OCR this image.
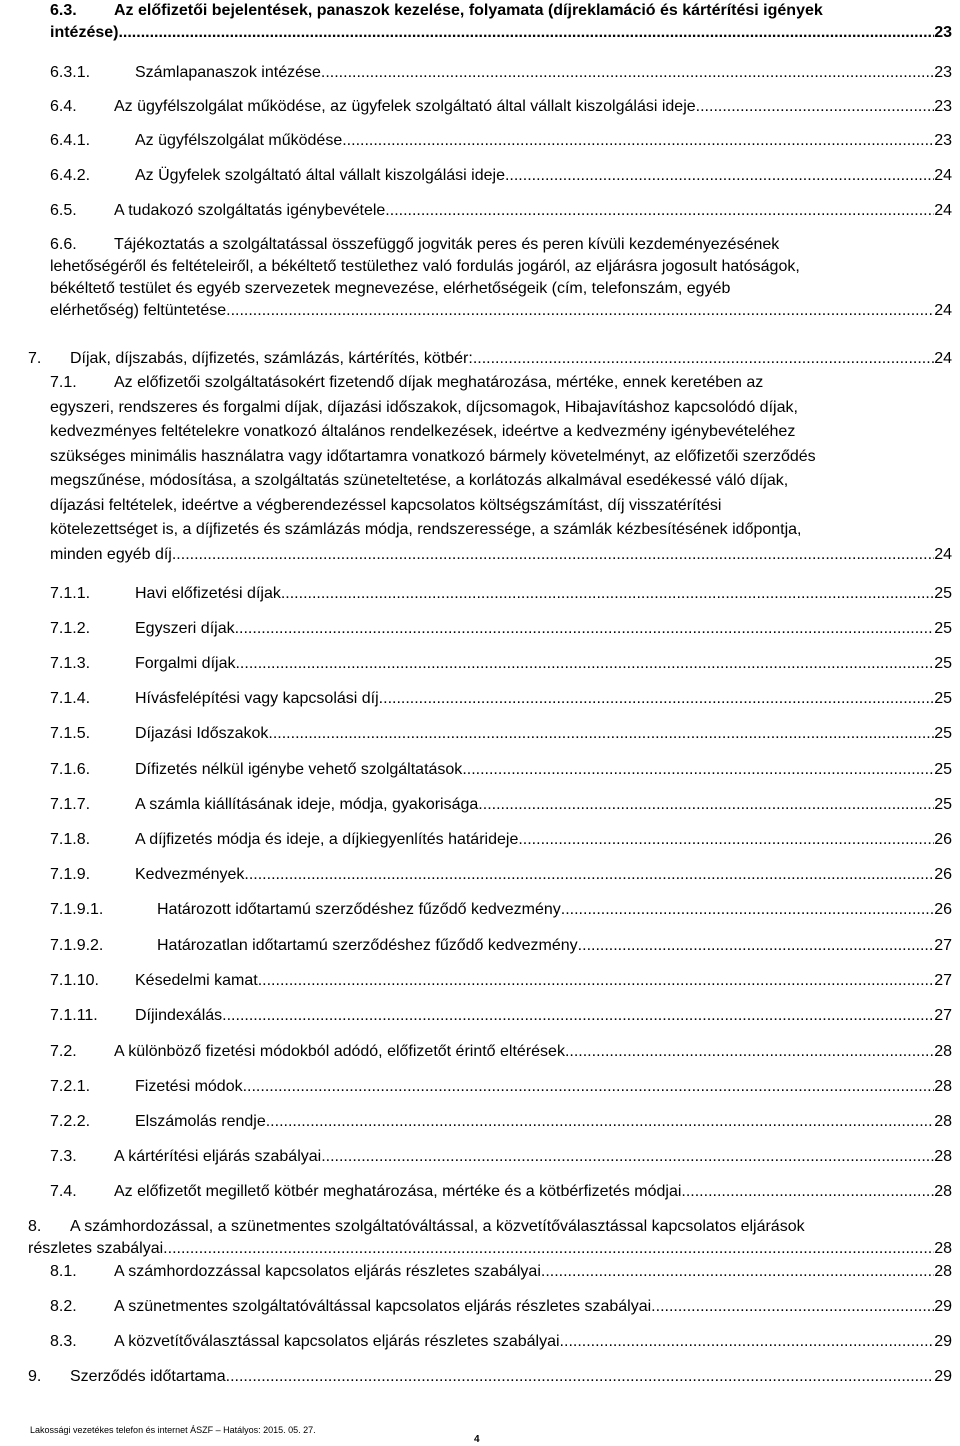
6.3. Az előfizetői bejelentések, panaszok kezelése, folyamata (díjreklamáció és kártérítési igények
intézése) .....	23
6.3.1.	Számlapanaszok intézése .....	23
6.4. Az ügyfélszolgálat működése, az ügyfelek szolgáltató által vállalt kiszolgálási ideje .....	23
6.4.1.	Az ügyfélszolgálat működése .....	23
6.4.2.	Az Ügyfelek szolgáltató által vállalt kiszolgálási ideje .....	24
6.5. A tudakozó szolgáltatás igénybevétele .....	24
6.6. Tájékoztatás a szolgáltatással összefüggő jogviták peres és peren kívüli kezdeményezésének
lehetőségéről és feltételeiről, a békéltető testülethez való fordulás jogáról, az eljárásra jogosult hatóságok,
békéltető testület és egyéb szervezetek megnevezése, elérhetőségeik (cím, telefonszám, egyéb
elérhetőség) feltüntetése .....	24
7. Díjak, díjszabás, díjfizetés, számlázás, kártérítés, kötbér: .....	24
7.1. Az előfizetői szolgáltatásokért fizetendő díjak meghatározása, mértéke, ennek keretében az
egyszeri, rendszeres és forgalmi díjak, díjazási időszakok, díjcsomagok, Hibajavításhoz kapcsolódó díjak,
kedvezményes feltételekre vonatkozó általános rendelkezések, ideértve a kedvezmény igénybevételéhez
szükséges minimális használatra vagy időtartamra vonatkozó bármely követelményt, az előfizetői szerződés
megszűnése, módosítása, a szolgáltatás szüneteltetése, a korlátozás alkalmával esedékessé váló díjak,
díjazási feltételek, ideértve a végberendezéssel kapcsolatos költségszámítást, díj visszatérítési
kötelezettséget is, a díjfizetés és számlázás módja, rendszeressége, a számlák kézbesítésének időpontja,
minden egyéb díj .....	24
7.1.1.	Havi előfizetési díjak .....	25
7.1.2.	Egyszeri díjak .....	25
7.1.3.	Forgalmi díjak .....	25
7.1.4.	Hívásfelépítési vagy kapcsolási díj .....	25
7.1.5.	Díjazási Időszakok .....	25
7.1.6.	Dífizetés nélkül igénybe vehető szolgáltatások .....	25
7.1.7.	A számla kiállításának ideje, módja, gyakorisága .....	25
7.1.8.	A díjfizetés módja és ideje, a díjkiegyenlítés határideje .....	26
7.1.9.	Kedvezmények .....	26
7.1.9.1.	Határozott időtartamú szerződéshez fűződő kedvezmény .....	26
7.1.9.2.	Határozatlan időtartamú szerződéshez fűződő kedvezmény .....	27
7.1.10. Késedelmi kamat .....	27
7.1.11. Díjindexálás .....	27
7.2. A különböző fizetési módokból adódó, előfizetőt érintő eltérések .....	28
7.2.1.	Fizetési módok .....	28
7.2.2.	Elszámolás rendje .....	28
7.3. A kártérítési eljárás szabályai .....	28
7.4. Az előfizetőt megillető kötbér meghatározása, mértéke és a kötbérfizetés módjai .....	28
8. A számhordozással, a szünetmentes szolgáltatóváltással, a közvetítőválasztással kapcsolatos eljárások
részletes szabályai .....	28
8.1. A számhordozzással kapcsolatos eljárás részletes szabályai .....	28
8.2. A szünetmentes szolgáltatóváltással kapcsolatos eljárás részletes szabályai .....	29
8.3. A közvetítőválasztással kapcsolatos eljárás részletes szabályai .....	29
9. Szerződés időtartama .....	29
Lakossági vezetékes telefon és internet ÁSZF – Hatályos: 2015. 05. 27.
4
